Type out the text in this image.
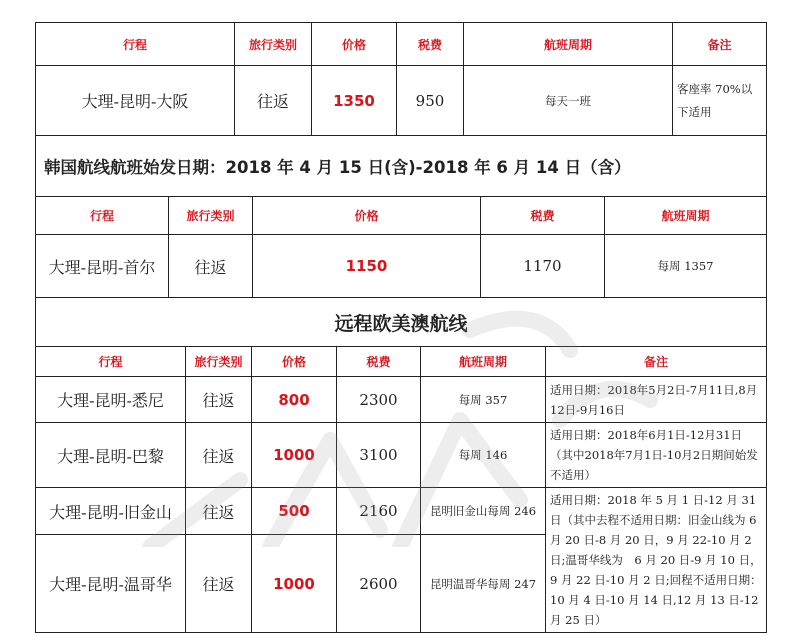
行程	旅行类别	价格	税费	航班周期	备注
大理-昆明-大阪	往返	1350	950	每天一班	客座率 70%以下适用
韩国航线航班始发日期：2018 年 4 月 15 日(含)-2018 年 6 月 14 日（含）				
行程	旅行类别	价格	税费	航班周期
大理-昆明-首尔	往返	1150	1170	每周 1357
远程欧美澳航线					
行程	旅行类别	价格	税费	航班周期	备注
大理-昆明-悉尼	往返	800	2300	每周 357	适用日期：2018年5月2日-7月11日,8月12日-9月16日
大理-昆明-巴黎	往返	1000	3100	每周 146	适用日期：2018年6月1日-12月31日（其中2018年7月1日-10月2日期间始发不适用）
大理-昆明-旧金山	往返	500	2160	昆明旧金山每周 246	适用日期：2018 年 5 月 1 日-12 月 31 日（其中去程不适用日期：旧金山线为 6 月 20 日-8 月 20 日，9 月 22-10 月 2 日;温哥华线为　6 月 20 日-9 月 10 日，9 月 22 日-10 月 2 日;回程不适用日期：10 月 4 日-10 月 14 日,12 月 13 日-12 月 25 日）
大理-昆明-温哥华	往返	1000	2600	昆明温哥华每周 247	
